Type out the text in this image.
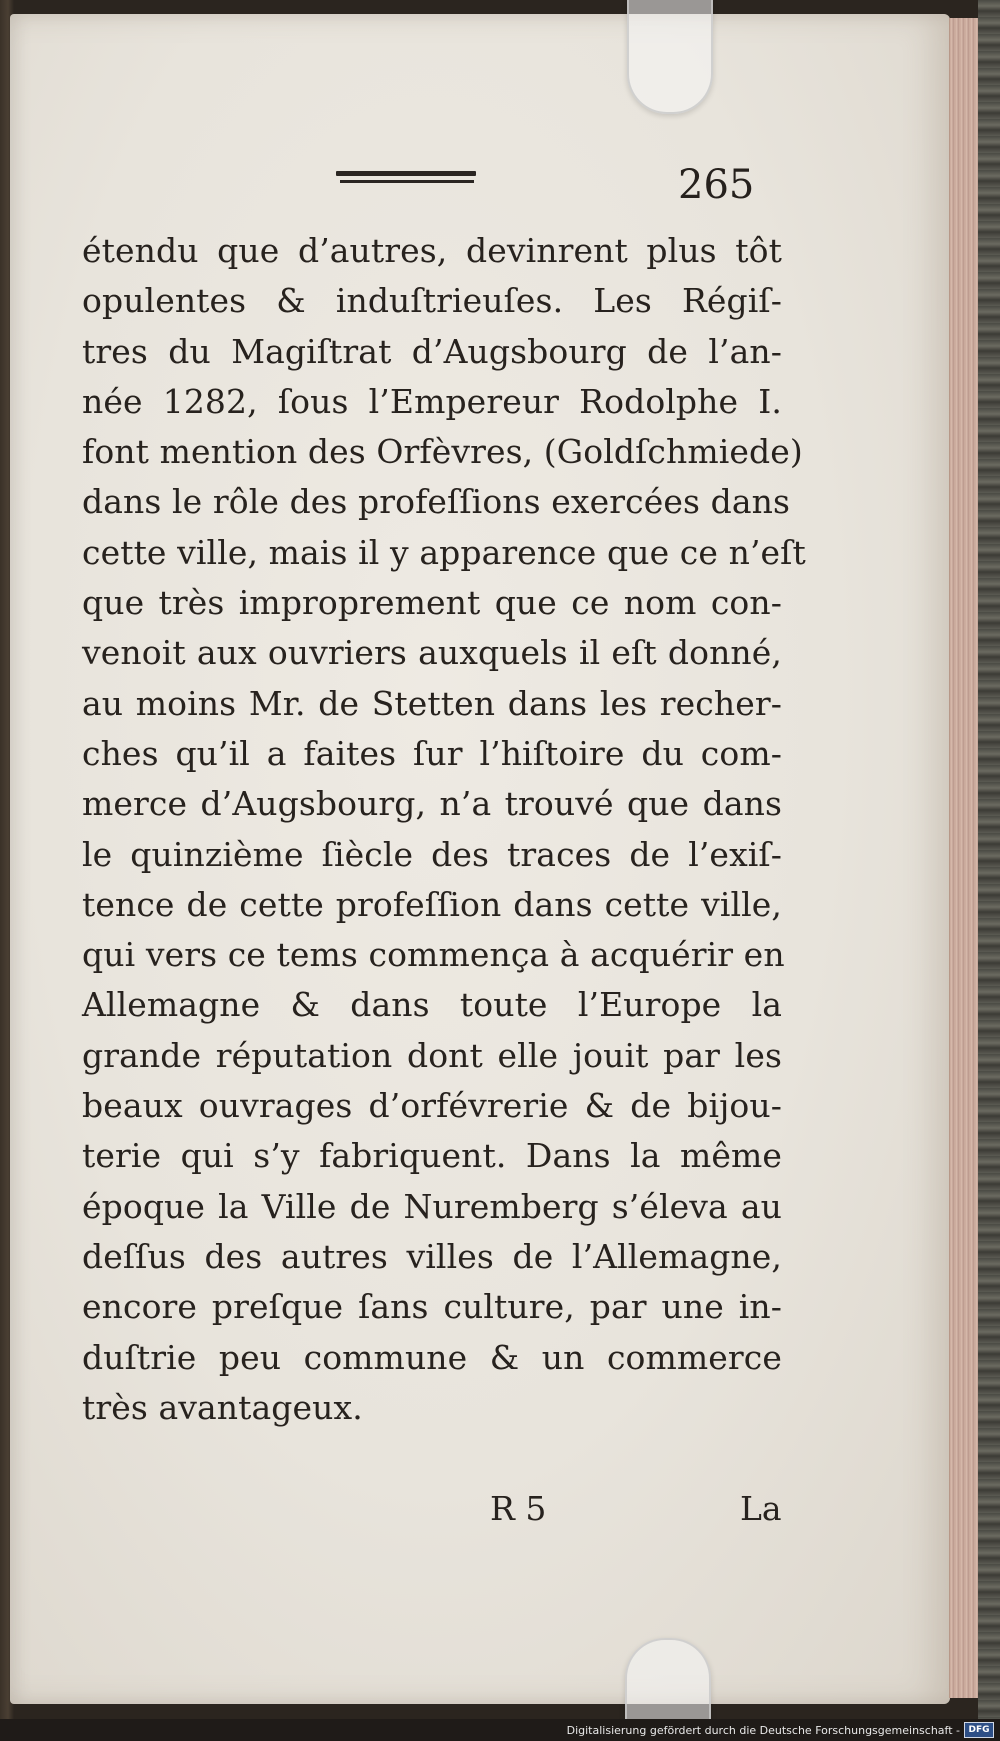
265
étendu que d’autres, devinrent plus tôt
opulentes & induſtrieuſes. Les Régiſ-
tres du Magiſtrat d’Augsbourg de l’an-
née 1282, ſous l’Empereur Rodolphe I.
font mention des Orfèvres, (Goldſchmiede)
dans le rôle des profeſſions exercées dans
cette ville, mais il y apparence que ce n’eſt
que très improprement que ce nom con-
venoit aux ouvriers auxquels il eſt donné,
au moins Mr. de Stetten dans les recher-
ches qu’il a faites ſur l’hiſtoire du com-
merce d’Augsbourg, n’a trouvé que dans
le quinzième ſiècle des traces de l’exiſ-
tence de cette profeſſion dans cette ville,
qui vers ce tems commença à acquérir en
Allemagne & dans toute l’Europe la
grande réputation dont elle jouit par les
beaux ouvrages d’orfévrerie & de bijou-
terie qui s’y fabriquent. Dans la même
époque la Ville de Nuremberg s’éleva au
deſſus des autres villes de l’Allemagne,
encore preſque ſans culture, par une in-
duſtrie peu commune & un commerce
très avantageux.
R 5	La
Digitalisierung gefördert durch die Deutsche Forschungsgemeinschaft - DFG
